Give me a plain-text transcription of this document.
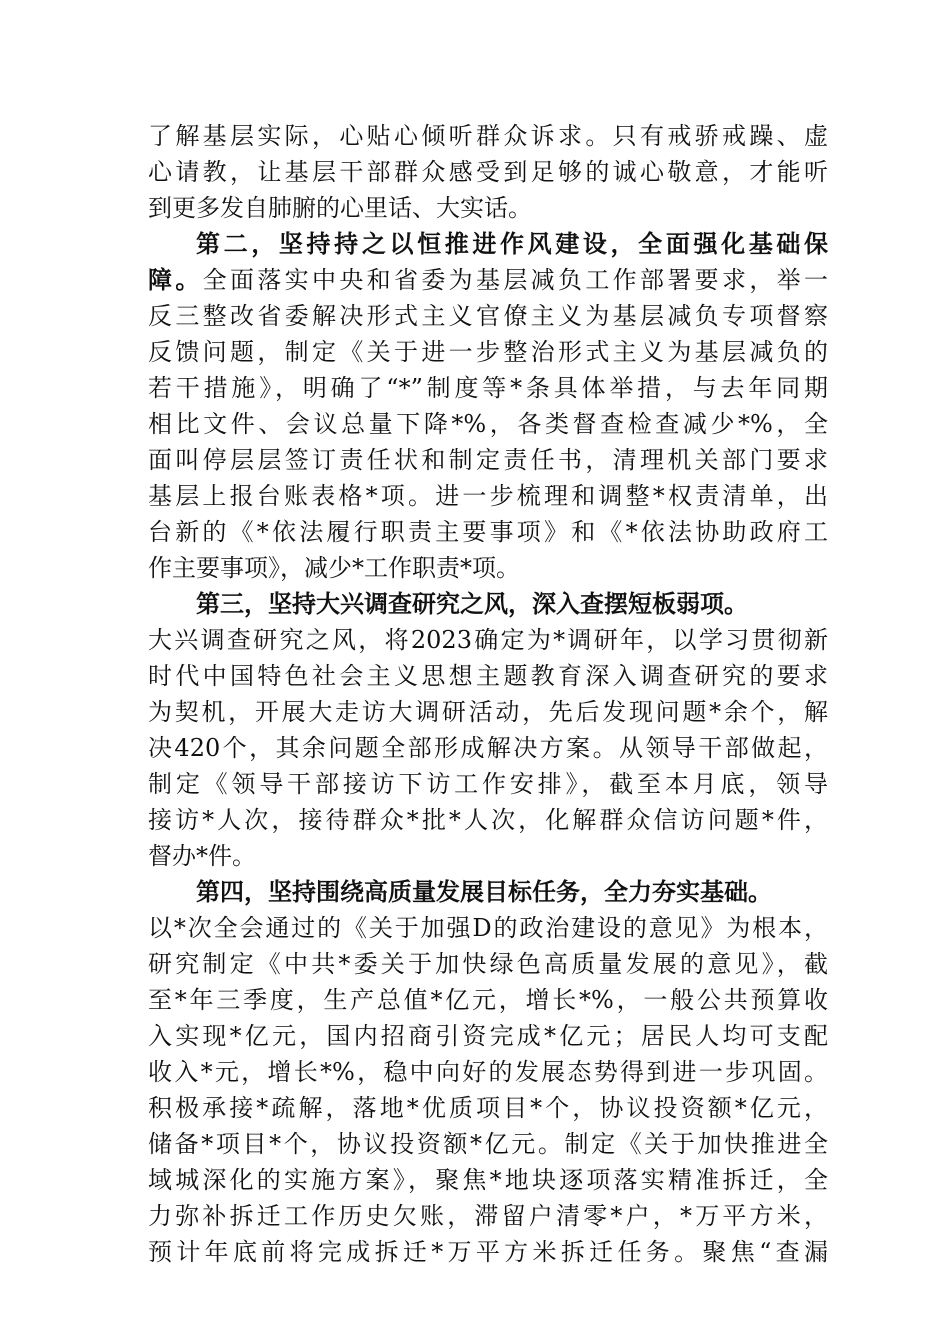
了解基层实际，心贴心倾听群众诉求。只有戒骄戒躁、虚
心请教，让基层干部群众感受到足够的诚心敬意，才能听
到更多发自肺腑的心里话、大实话。
第二，坚持持之以恒推进作风建设，全面强化基础保
障。全面落实中央和省委为基层减负工作部署要求，举一
反三整改省委解决形式主义官僚主义为基层减负专项督察
反馈问题，制定《关于进一步整治形式主义为基层减负的
若干措施》，明确了“*”制度等*条具体举措，与去年同期
相比文件、会议总量下降*%，各类督查检查减少*%，全
面叫停层层签订责任状和制定责任书，清理机关部门要求
基层上报台账表格*项。进一步梳理和调整*权责清单，出
台新的《*依法履行职责主要事项》和《*依法协助政府工
作主要事项》，减少*工作职责*项。
第三，坚持大兴调查研究之风，深入查摆短板弱项。
大兴调查研究之风，将2023确定为*调研年，以学习贯彻新
时代中国特色社会主义思想主题教育深入调查研究的要求
为契机，开展大走访大调研活动，先后发现问题*余个，解
决420个，其余问题全部形成解决方案。从领导干部做起，
制定《领导干部接访下访工作安排》，截至本月底，领导
接访*人次，接待群众*批*人次，化解群众信访问题*件，
督办*件。
第四，坚持围绕高质量发展目标任务，全力夯实基础。
以*次全会通过的《关于加强D的政治建设的意见》为根本，
研究制定《中共*委关于加快绿色高质量发展的意见》，截
至*年三季度，生产总值*亿元，增长*%，一般公共预算收
入实现*亿元，国内招商引资完成*亿元；居民人均可支配
收入*元，增长*%，稳中向好的发展态势得到进一步巩固。
积极承接*疏解，落地*优质项目*个，协议投资额*亿元，
储备*项目*个，协议投资额*亿元。制定《关于加快推进全
域城深化的实施方案》，聚焦*地块逐项落实精准拆迁，全
力弥补拆迁工作历史欠账，滞留户清零*户，*万平方米，
预计年底前将完成拆迁*万平方米拆迁任务。聚焦“查漏
